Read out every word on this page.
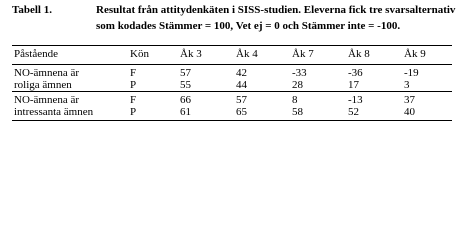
Tabell 1.	Resultat från attitydenkäten i SISS-studien. Eleverna fick tre svarsalternativ
som kodades Stämmer = 100, Vet ej = 0 och Stämmer inte = -100.
Påstående	Kön	Åk 3	Åk 4	Åk 7	Åk 8	Åk 9
NO-ämnena är	F	57	42	-33	-36	-19
roliga ämnen	P	55	44	28	17	3
NO-ämnena är	F	66	57	8	-13	37
intressanta ämnen	P	61	65	58	52	40
